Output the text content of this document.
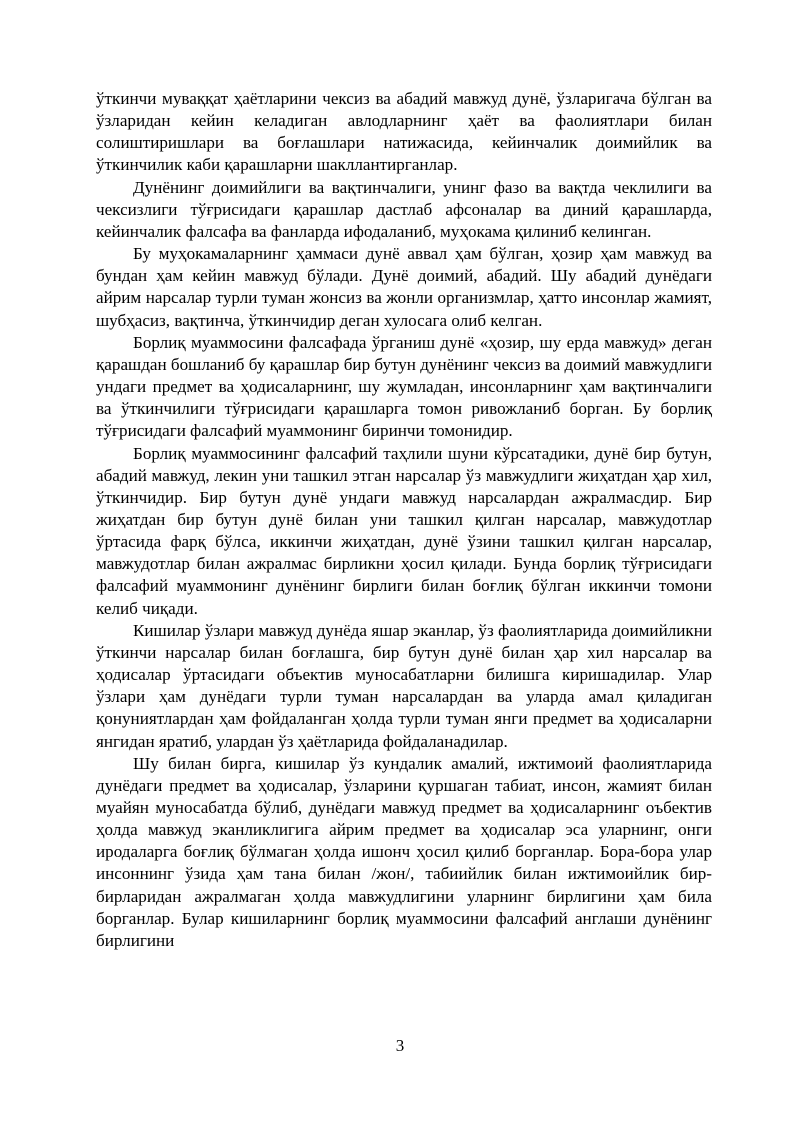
ўткинчи муваққат ҳаётларини чексиз ва абадий мавжуд дунё, ўзларигача бўлган ва ўзларидан кейин келадиган авлодларнинг ҳаёт ва фаолиятлари билан солиштиришлари ва боғлашлари натижасида, кейинчалик доимийлик ва ўткинчилик каби қарашларни шакллантирганлар.

Дунёнинг доимийлиги ва вақтинчалиги, унинг фазо ва вақтда чеклилиги ва чексизлиги тўғрисидаги қарашлар дастлаб афсоналар ва диний қарашларда, кейинчалик фалсафа ва фанларда ифодаланиб, муҳокама қилиниб келинган.

Бу муҳокамаларнинг ҳаммаси дунё аввал ҳам бўлган, ҳозир ҳам мавжуд ва бундан ҳам кейин мавжуд бўлади. Дунё доимий, абадий. Шу абадий дунёдаги айрим нарсалар турли туман жонсиз ва жонли организмлар, ҳатто инсонлар жамият, шубҳасиз, вақтинча, ўткинчидир деган хулосага олиб келган.

Борлиқ муаммосини фалсафада ўрганиш дунё «ҳозир, шу ерда мавжуд» деган қарашдан бошланиб бу қарашлар бир бутун дунёнинг чексиз ва доимий мавжудлиги ундаги предмет ва ҳодисаларнинг, шу жумладан, инсонларнинг ҳам вақтинчалиги ва ўткинчилиги тўғрисидаги қарашларга томон ривожланиб борган. Бу борлиқ тўғрисидаги фалсафий муаммонинг биринчи томонидир.

Борлиқ муаммосининг фалсафий таҳлили шуни кўрсатадики, дунё бир бутун, абадий мавжуд, лекин уни ташкил этган нарсалар ўз мавжудлиги жиҳатдан ҳар хил, ўткинчидир. Бир бутун дунё ундаги мавжуд нарсалардан ажралмасдир. Бир жиҳатдан бир бутун дунё билан уни ташкил қилган нарсалар, мавжудотлар ўртасида фарқ бўлса, иккинчи жиҳатдан, дунё ўзини ташкил қилган нарсалар, мавжудотлар билан ажралмас бирликни ҳосил қилади. Бунда борлиқ тўғрисидаги фалсафий муаммонинг дунёнинг бирлиги билан боғлиқ бўлган иккинчи томони келиб чиқади.

Кишилар ўзлари мавжуд дунёда яшар эканлар, ўз фаолиятларида доимийликни ўткинчи нарсалар билан боғлашга, бир бутун дунё билан ҳар хил нарсалар ва ҳодисалар ўртасидаги объектив муносабатларни билишга киришадилар. Улар ўзлари ҳам дунёдаги турли туман нарсалардан ва уларда амал қиладиган қонуниятлардан ҳам фойдаланган ҳолда турли туман янги предмет ва ҳодисаларни янгидан яратиб, улардан ўз ҳаётларида фойдаланадилар.

Шу билан бирга, кишилар ўз кундалик амалий, ижтимоий фаолиятларида дунёдаги предмет ва ҳодисалар, ўзларини қуршаган табиат, инсон, жамият билан муайян муносабатда бўлиб, дунёдаги мавжуд предмет ва ҳодисаларнинг оъбектив ҳолда мавжуд эканликлигига айрим предмет ва ҳодисалар эса уларнинг, онги иродаларга боғлиқ бўлмаган ҳолда ишонч ҳосил қилиб борганлар. Бора-бора улар инсоннинг ўзида ҳам тана билан /жон/, табиийлик билан ижтимоийлик бир-бирларидан ажралмаган ҳолда мавжудлигини уларнинг бирлигини ҳам била борганлар. Булар кишиларнинг борлиқ муаммосини фалсафий англаши дунёнинг бирлигини

3
